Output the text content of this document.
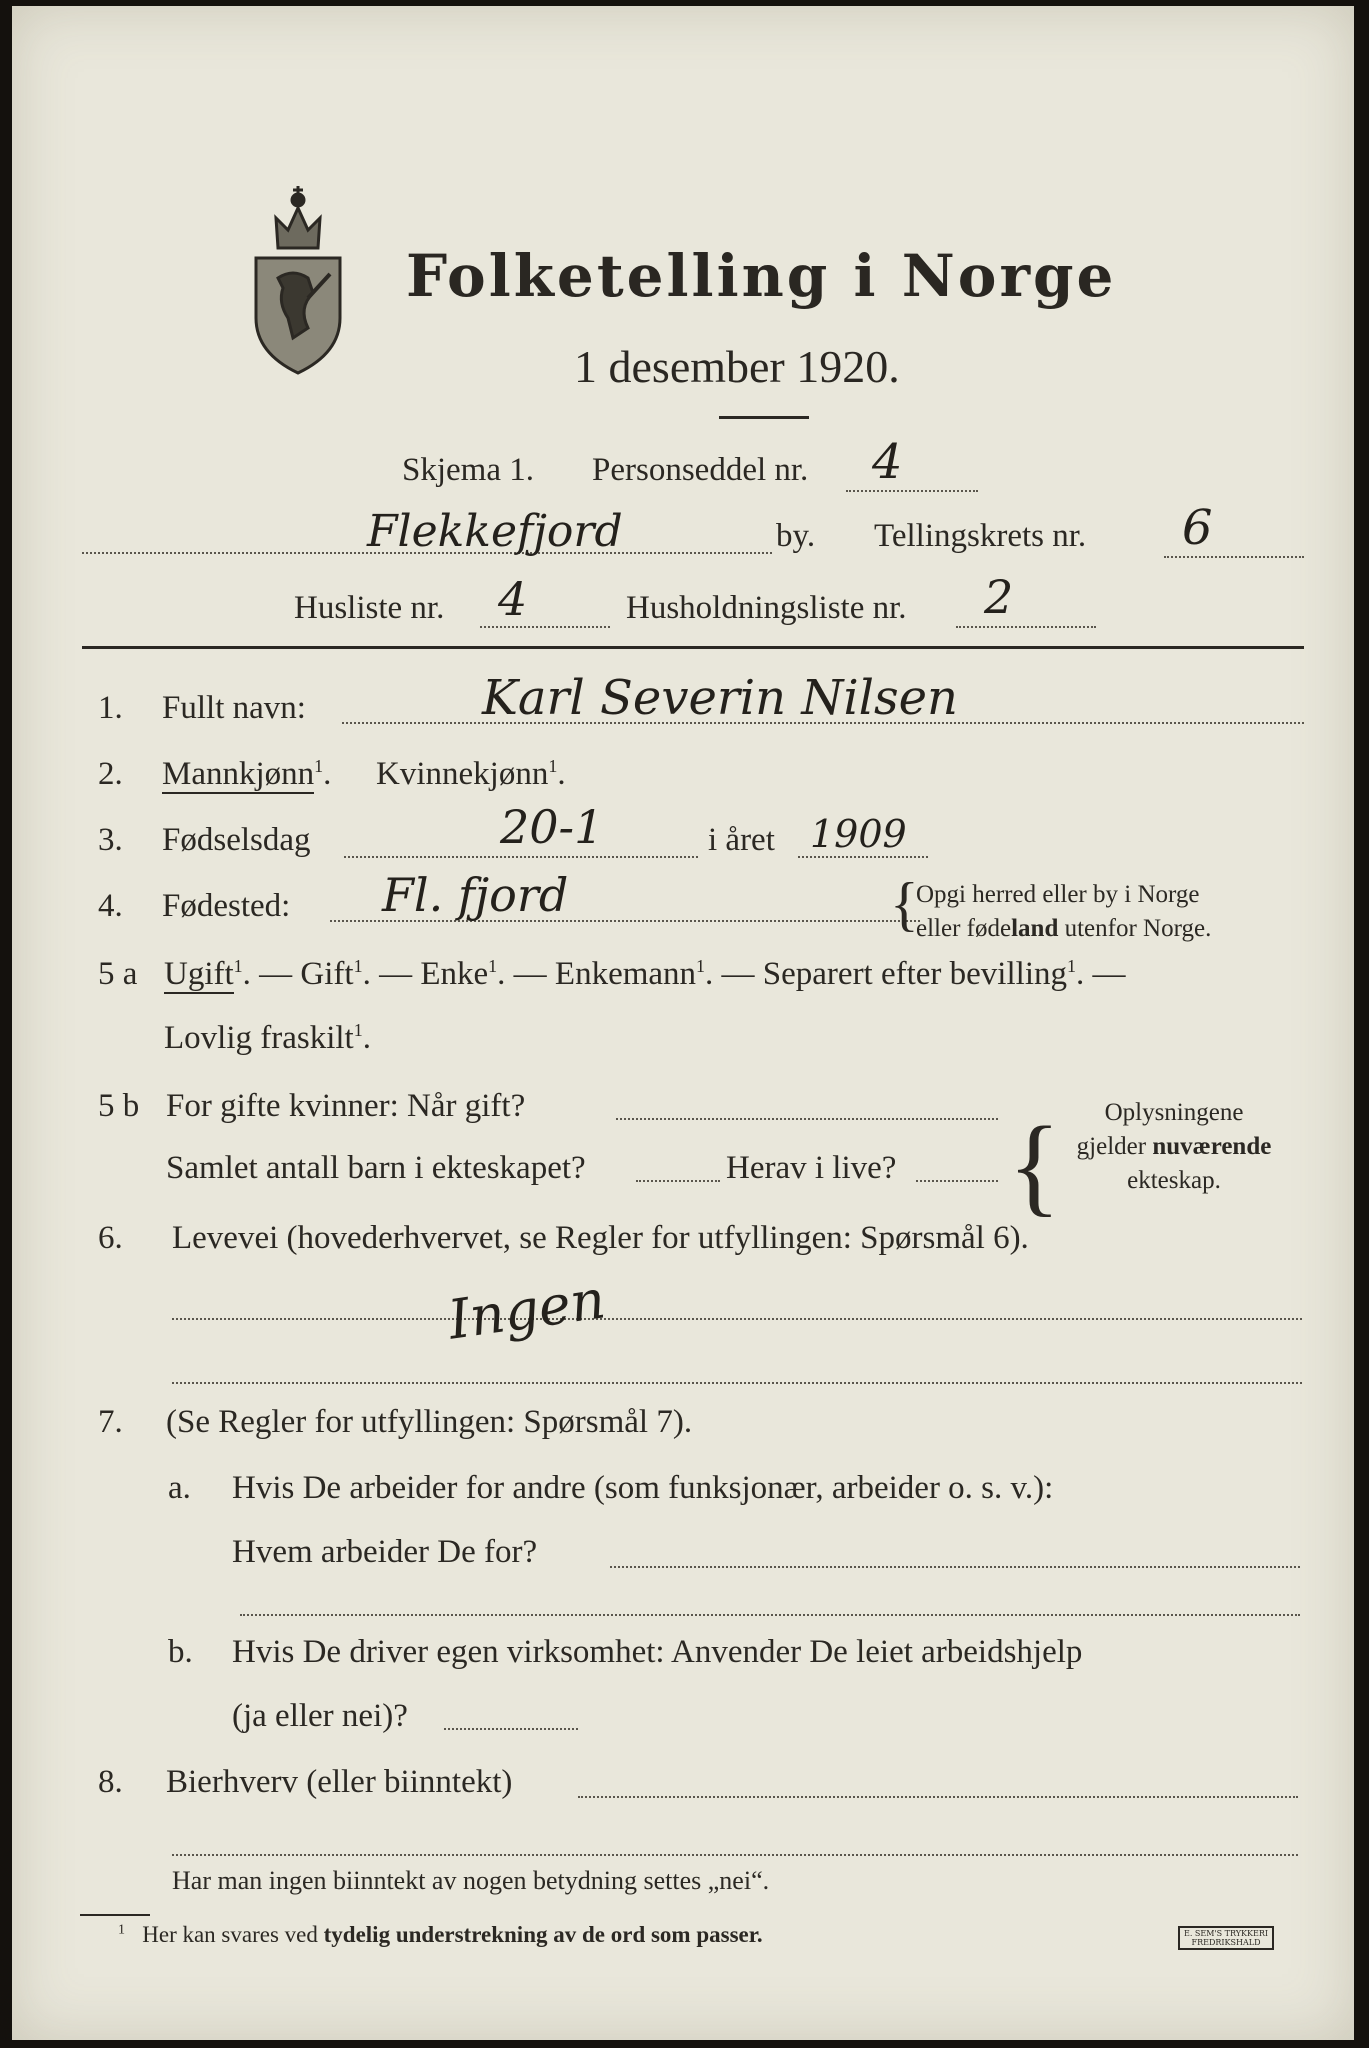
Folketelling i Norge
1 desember 1920.
Skjema 1. Personseddel nr. 4
Flekkefjord	by. Tellingskrets nr. 6
Husliste nr. 4	Husholdningsliste nr. 2
1. Fullt navn:	Karl Severin Nilsen
2. Mannkjønn$^1$. Kvinnekjønn$^1$.
3. Fødselsdag	20-1	i året 1909
4. Fødested: Fl. fjord	{
Opgi herred eller by i Norge
eller fødeland utenfor Norge.
5 a Ugift$^1$. — Gift$^1$. — Enke$^1$. — Enkemann$^1$. — Separert efter bevilling$^1$. —
Lovlig fraskilt$^1$.
5 b For gifte kvinner: Når gift?
Samlet antall barn i ekteskapet?	Herav i live? {	Oplysningene
gjelder nuværende
ekteskap.
6. Levevei (hovederhvervet, se Regler for utfyllingen: Spørsmål 6).
Ingen
7. (Se Regler for utfyllingen: Spørsmål 7).
a. Hvis De arbeider for andre (som funksjonær, arbeider o. s. v.):
Hvem arbeider De for?
b. Hvis De driver egen virksomhet: Anvender De leiet arbeidshjelp
(ja eller nei)?
8. Bierhverv (eller biinntekt)
Har man ingen biinntekt av nogen betydning settes „nei“.
$^1$ Her kan svares ved tydelig understrekning av de ord som passer.	E. SEM'S TRYKKERI
FREDRIKSHALD
